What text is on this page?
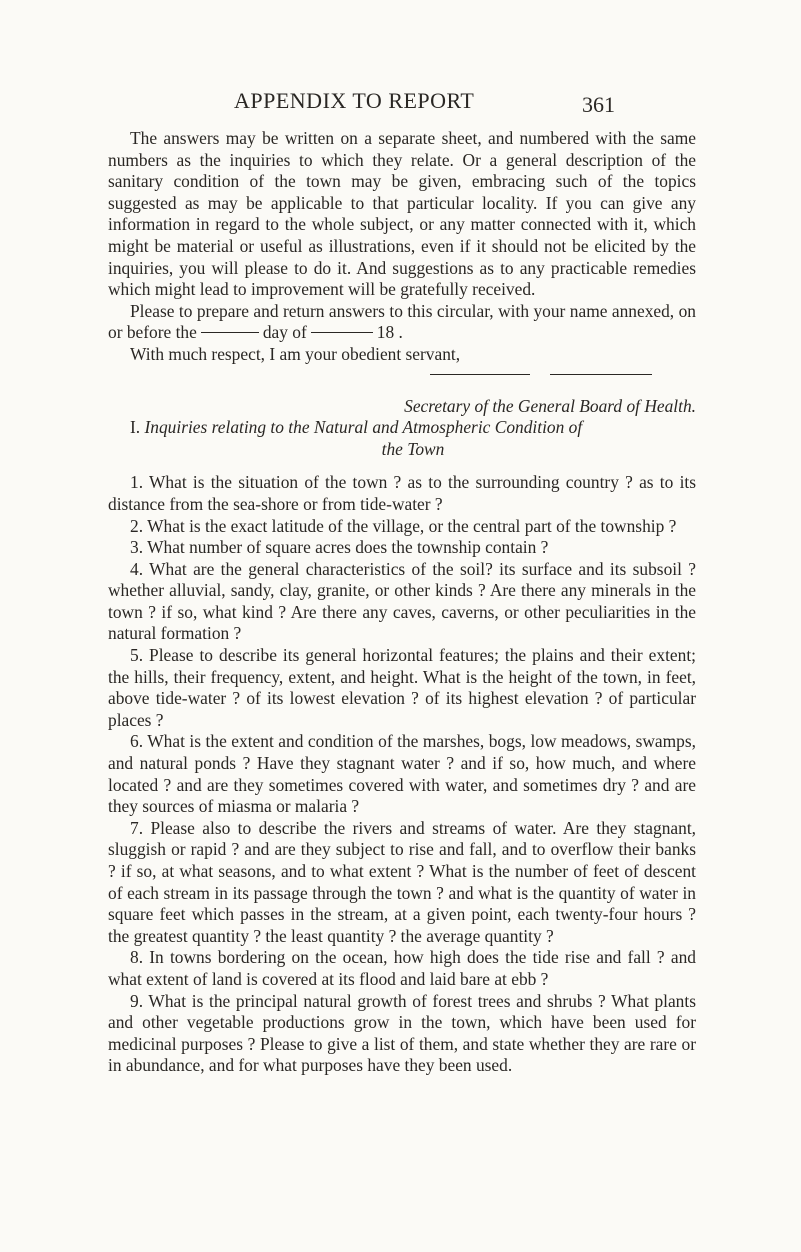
APPENDIX TO REPORT	361

The answers may be written on a separate sheet, and numbered with the same numbers as the inquiries to which they relate. Or a general description of the sanitary condition of the town may be given, embracing such of the topics suggested as may be applicable to that particular locality. If you can give any information in regard to the whole subject, or any matter connected with it, which might be material or useful as illustrations, even if it should not be elicited by the inquiries, you will please to do it. And suggestions as to any practicable remedies which might lead to improvement will be gratefully received.

Please to prepare and return answers to this circular, with your name annexed, on or before the	day of	18 .

With much respect, I am your obedient servant,

Secretary of the General Board of Health.

I. Inquiries relating to the Natural and Atmospheric Condition of
the Town

1. What is the situation of the town ? as to the surrounding country ? as to its distance from the sea-shore or from tide-water ?

2. What is the exact latitude of the village, or the central part of the township ?

3. What number of square acres does the township contain ?

4. What are the general characteristics of the soil? its surface and its subsoil ? whether alluvial, sandy, clay, granite, or other kinds ? Are there any minerals in the town ? if so, what kind ? Are there any caves, caverns, or other peculiarities in the natural formation ?

5. Please to describe its general horizontal features; the plains and their extent; the hills, their frequency, extent, and height. What is the height of the town, in feet, above tide-water ? of its lowest elevation ? of its highest elevation ? of particular places ?

6. What is the extent and condition of the marshes, bogs, low meadows, swamps, and natural ponds ? Have they stagnant water ? and if so, how much, and where located ? and are they sometimes covered with water, and sometimes dry ? and are they sources of miasma or malaria ?

7. Please also to describe the rivers and streams of water. Are they stagnant, sluggish or rapid ? and are they subject to rise and fall, and to overflow their banks ? if so, at what seasons, and to what extent ? What is the number of feet of descent of each stream in its passage through the town ? and what is the quantity of water in square feet which passes in the stream, at a given point, each twenty-four hours ? the greatest quantity ? the least quantity ? the average quantity ?

8. In towns bordering on the ocean, how high does the tide rise and fall ? and what extent of land is covered at its flood and laid bare at ebb ?

9. What is the principal natural growth of forest trees and shrubs ? What plants and other vegetable productions grow in the town, which have been used for medicinal purposes ? Please to give a list of them, and state whether they are rare or in abundance, and for what purposes have they been used.
